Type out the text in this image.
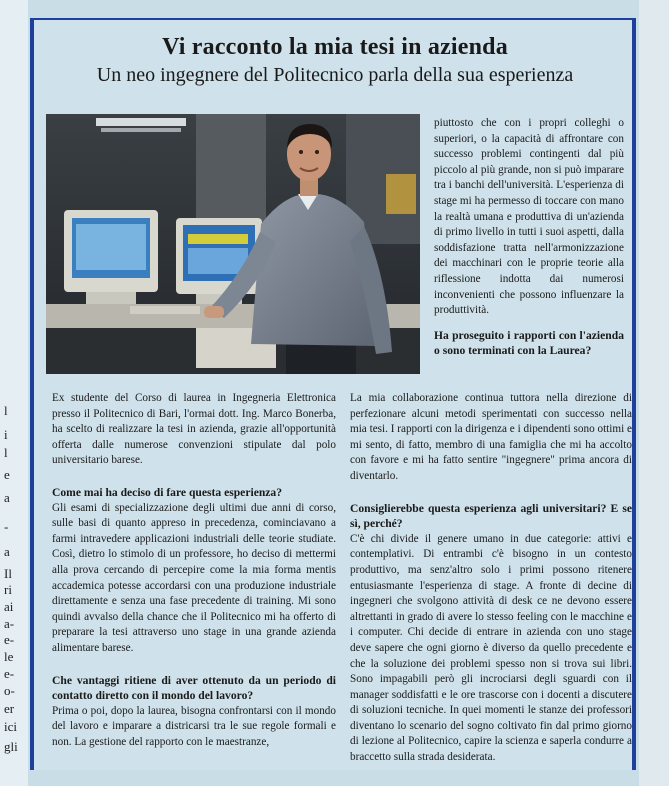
l
i
l
e
a
-
a
Il
ri
ai
a-
e-
le
e-
o-
er
ici
gli
Vi racconto la mia tesi in azienda
Un neo ingegnere del Politecnico parla della sua esperienza

piuttosto che con i propri colleghi o superiori, o la capacità di affrontare con successo problemi contingenti dal più piccolo al più grande, non si può imparare tra i banchi dell'università. L'esperienza di stage mi ha permesso di toccare con mano la realtà umana e produttiva di un'azienda di primo livello in tutti i suoi aspetti, dalla soddisfazione tratta nell'armonizzazione dei macchinari con le proprie teorie alla riflessione indotta dai numerosi inconvenienti che possono influenzare la produttività.

Ha proseguito i rapporti con l'azienda o sono terminati con la Laurea?

Ex studente del Corso di laurea in Ingegneria Elettronica presso il Politecnico di Bari, l'ormai dott. Ing. Marco Bonerba, ha scelto di realizzare la tesi in azienda, grazie all'opportunità offerta dalle numerose convenzioni stipulate dal polo universitario barese.

Come mai ha deciso di fare questa esperienza?

Gli esami di specializzazione degli ultimi due anni di corso, sulle basi di quanto appreso in precedenza, cominciavano a farmi intravedere applicazioni industriali delle teorie studiate. Così, dietro lo stimolo di un professore, ho deciso di mettermi alla prova cercando di percepire come la mia forma mentis accademica potesse accordarsi con una produzione industriale direttamente e senza una fase precedente di training. Mi sono quindi avvalso della chance che il Politecnico mi ha offerto di preparare la tesi attraverso uno stage in una grande azienda alimentare barese.

Che vantaggi ritiene di aver ottenuto da un periodo di contatto diretto con il mondo del lavoro?

Prima o poi, dopo la laurea, bisogna confrontarsi con il mondo del lavoro e imparare a districarsi tra le sue regole formali e non. La gestione del rapporto con le maestranze,

La mia collaborazione continua tuttora nella direzione di perfezionare alcuni metodi sperimentati con successo nella mia tesi. I rapporti con la dirigenza e i dipendenti sono ottimi e mi sento, di fatto, membro di una famiglia che mi ha accolto con favore e mi ha fatto sentire "ingegnere" prima ancora di diventarlo.

Consiglierebbe questa esperienza agli universitari? E se sì, perché?

C'è chi divide il genere umano in due categorie: attivi e contemplativi. Di entrambi c'è bisogno in un contesto produttivo, ma senz'altro solo i primi possono ritenere entusiasmante l'esperienza di stage. A fronte di decine di ingegneri che svolgono attività di desk ce ne devono essere altrettanti in grado di avere lo stesso feeling con le macchine e i computer. Chi decide di entrare in azienda con uno stage deve sapere che ogni giorno è diverso da quello precedente e che la soluzione dei problemi spesso non si trova sui libri. Sono impagabili però gli incrociarsi degli sguardi con il manager soddisfatti e le ore trascorse con i docenti a discutere di soluzioni tecniche. In quei momenti le stanze dei professori diventano lo scenario del sogno coltivato fin dal primo giorno di lezione al Politecnico, capire la scienza e saperla condurre a braccetto sulla strada desiderata.
